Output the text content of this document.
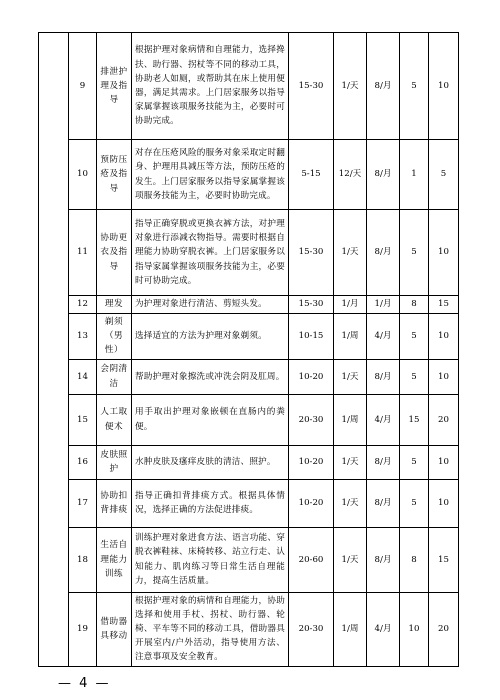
	9	排泄护理及指导	根据护理对象病情和自理能力，选择搀扶、助行器、拐杖等不同的移动工具，协助老人如厕，或帮助其在床上使用便器，满足其需求。上门居家服务以指导家属掌握该项服务技能为主，必要时可协助完成。	15-30	1/天	8/月	5	10
	10	预防压疮及指导	对存在压疮风险的服务对象采取定时翻身、护理用具减压等方法，预防压疮的发生。上门居家服务以指导家属掌握该项服务技能为主，必要时协助完成。	5-15	12/天	8/月	1	5
	11	协助更衣及指导	指导正确穿脱或更换衣裤方法，对护理对象进行添减衣物指导。需要时根据自理能力协助穿脱衣裤。上门居家服务以指导家属掌握该项服务技能为主，必要时可协助完成。	15-30	1/天	8/月	5	10
	12	理发	为护理对象进行清洁、剪短头发。	15-30	1/月	1/月	8	15
	13	剃须（男性）	选择适宜的方法为护理对象剃须。	10-15	1/周	4/月	5	10
	14	会阴清洁	帮助护理对象擦洗或冲洗会阴及肛周。	10-20	1/天	8/月	5	10
	15	人工取便术	用手取出护理对象嵌顿在直肠内的粪便。	20-30	1/周	4/月	15	20
	16	皮肤照护	水肿皮肤及瘙痒皮肤的清洁、照护。	10-20	1/天	8/月	5	10
	17	协助扣背排痰	指导正确扣背排痰方式。根据具体情况，选择正确的方法促进排痰。	10-20	1/天	8/月	5	10
	18	生活自理能力训练	训练护理对象进食方法、语言功能、穿脱衣裤鞋袜、床椅转移、站立行走、认知能力、肌肉练习等日常生活自理能力，提高生活质量。	20-60	1/天	8/月	8	15
	19	借助器具移动	根据护理对象的病情和自理能力，协助选择和使用手杖、拐杖、助行器、轮椅、平车等不同的移动工具，借助器具开展室内/户外活动，指导使用方法、注意事项及安全教育。	20-30	1/周	4/月	10	20
— 4 —
